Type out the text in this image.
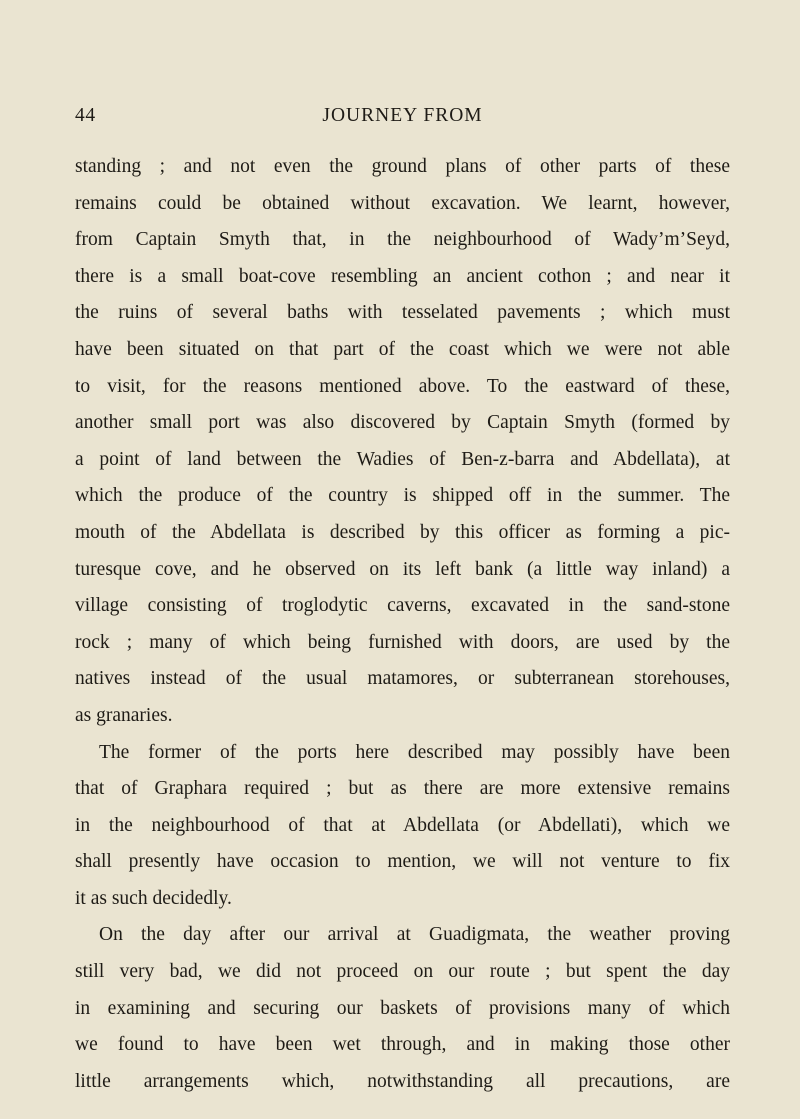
44	JOURNEY FROM
standing ; and not even the ground plans of other parts of these
remains could be obtained without excavation. We learnt, however,
from Captain Smyth that, in the neighbourhood of Wady’m’Seyd,
there is a small boat-cove resembling an ancient cothon ; and near it
the ruins of several baths with tesselated pavements ; which must
have been situated on that part of the coast which we were not able
to visit, for the reasons mentioned above. To the eastward of these,
another small port was also discovered by Captain Smyth (formed by
a point of land between the Wadies of Ben-z-barra and Abdellata), at
which the produce of the country is shipped off in the summer. The
mouth of the Abdellata is described by this officer as forming a pic-
turesque cove, and he observed on its left bank (a little way inland) a
village consisting of troglodytic caverns, excavated in the sand-stone
rock ; many of which being furnished with doors, are used by the
natives instead of the usual matamores, or subterranean storehouses,
as granaries.
The former of the ports here described may possibly have been
that of Graphara required ; but as there are more extensive remains
in the neighbourhood of that at Abdellata (or Abdellati), which we
shall presently have occasion to mention, we will not venture to fix
it as such decidedly.
On the day after our arrival at Guadigmata, the weather proving
still very bad, we did not proceed on our route ; but spent the day
in examining and securing our baskets of provisions many of which
we found to have been wet through, and in making those other
little arrangements which, notwithstanding all precautions, are
